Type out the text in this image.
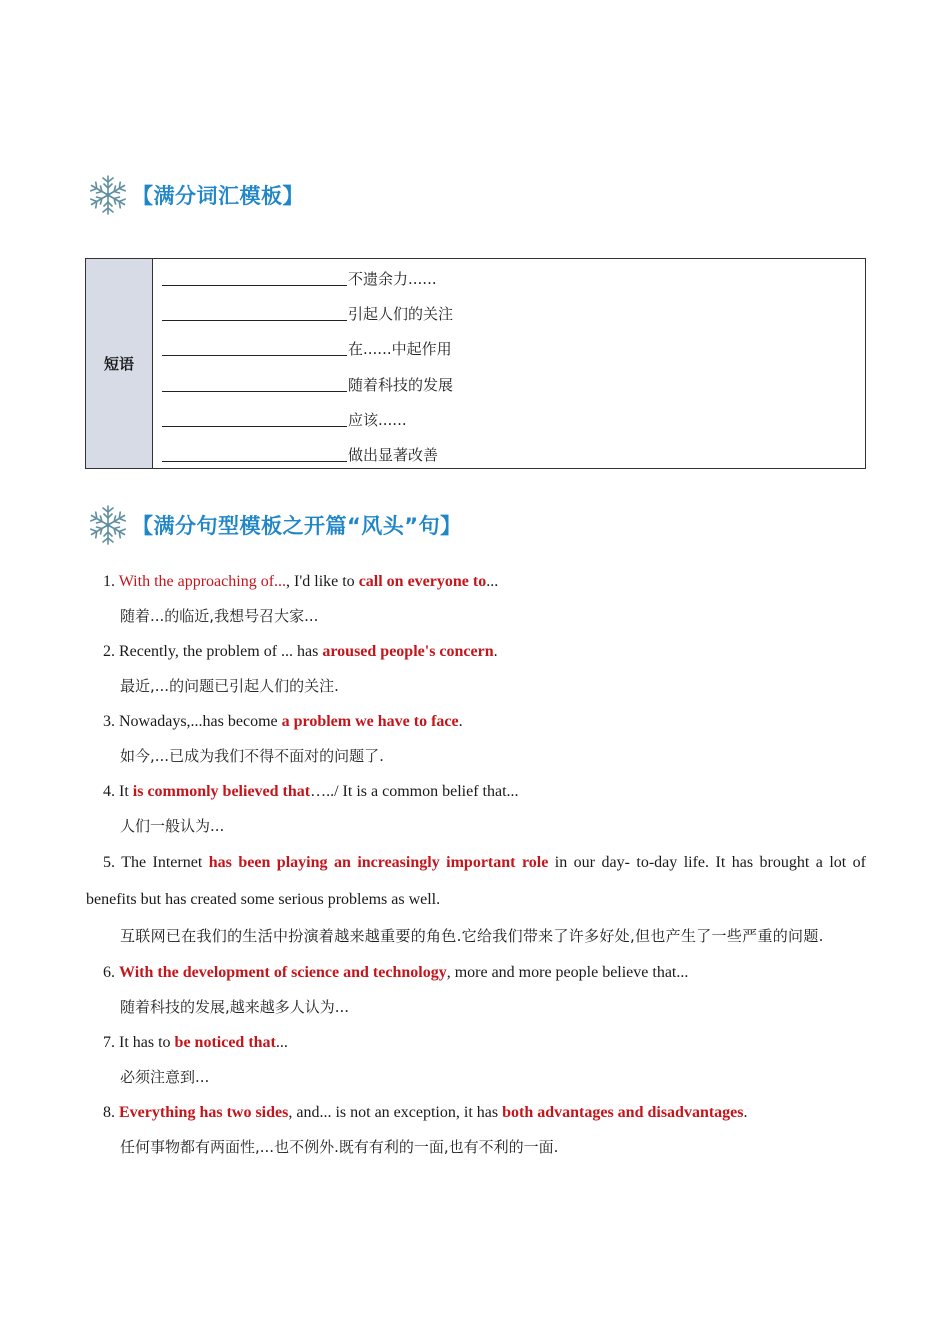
【满分词汇模板】
短语
不遗余力......
引起人们的关注
在......中起作用
随着科技的发展
应该......
做出显著改善
【满分句型模板之开篇“风头”句】
1. With the approaching of..., I'd like to call on everyone to...
随着...的临近,我想号召大家...
2. Recently, the problem of ... has aroused people's concern.
最近,...的问题已引起人们的关注.
3. Nowadays,...has become a problem we have to face.
如今,...已成为我们不得不面对的问题了.
4. It is commonly believed that…../ It is a common belief that...
人们一般认为...
5. The Internet has been playing an increasingly important role in our day- to-day life. It has brought a lot of benefits but has created some serious problems as well.
互联网已在我们的生活中扮演着越来越重要的角色.它给我们带来了许多好处,但也产生了一些严重的问题.
6. With the development of science and technology, more and more people believe that...
随着科技的发展,越来越多人认为...
7. It has to be noticed that...
必须注意到...
8. Everything has two sides, and... is not an exception, it has both advantages and disadvantages.
任何事物都有两面性,...也不例外.既有有利的一面,也有不利的一面.
